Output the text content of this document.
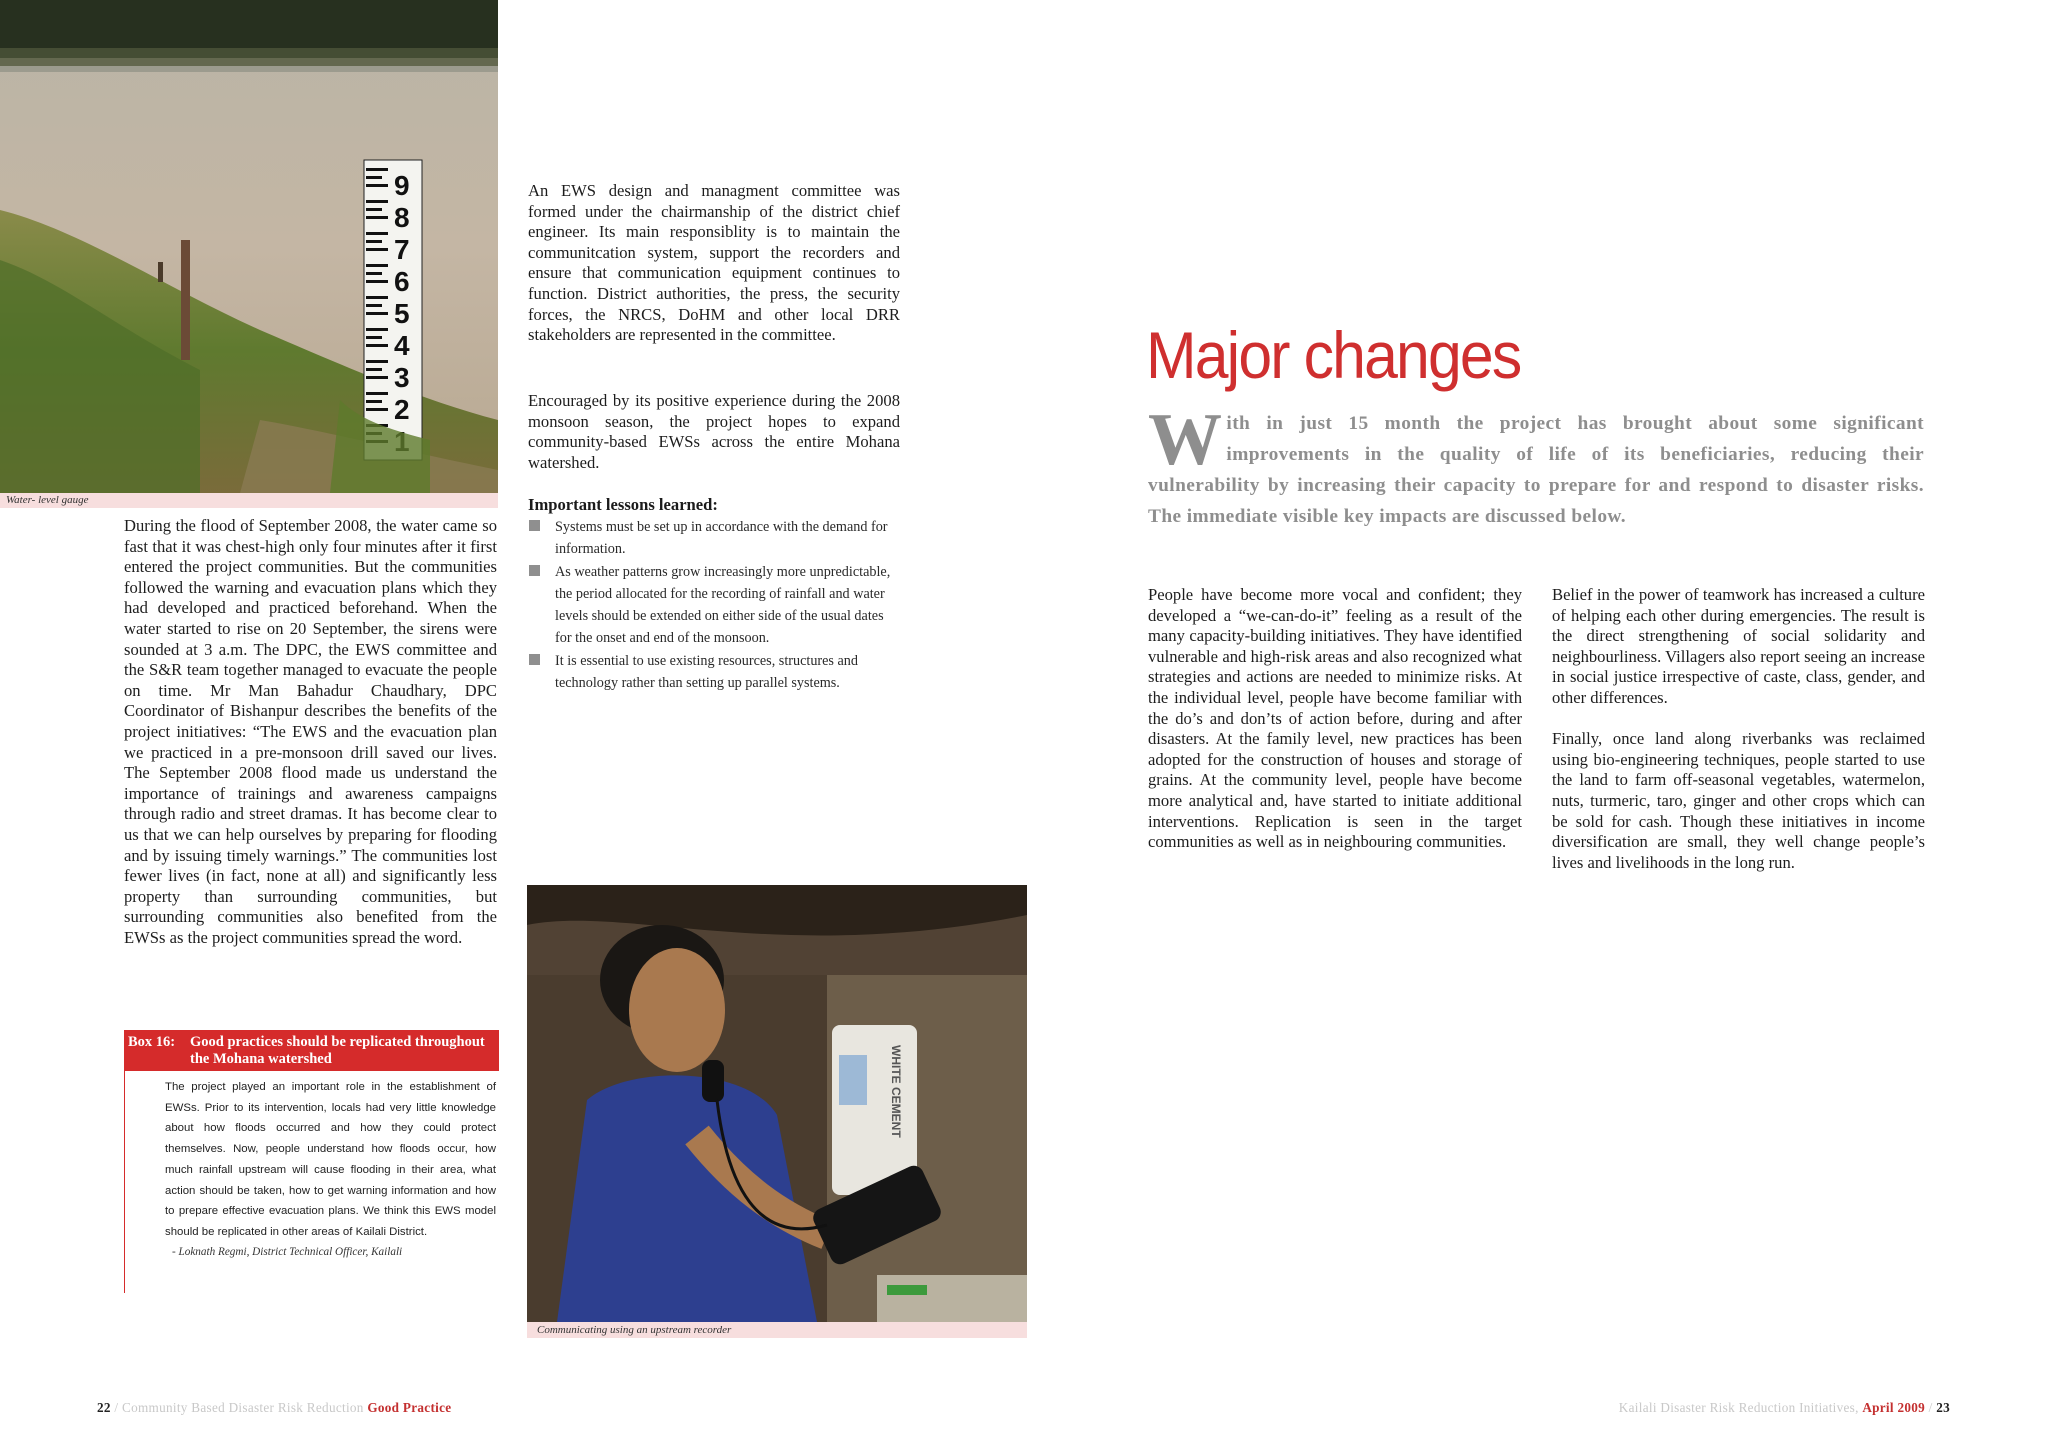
9
8
7
6
5
4
3
2
Water- level gauge
During the flood of September 2008, the water came so fast that it was chest-high only four minutes after it first entered the project communities. But the communities followed the warning and evacuation plans which they had developed and practiced beforehand. When the water started to rise on 20 September, the sirens were sounded at 3 a.m. The DPC, the EWS committee and the S&R team together managed to evacuate the people on time. Mr Man Bahadur Chaudhary, DPC Coordinator of Bishanpur describes the benefits of the project initiatives: “The EWS and the evacuation plan we practiced in a pre-monsoon drill saved our lives. The September 2008 flood made us understand the importance of trainings and awareness campaigns through radio and street dramas. It has become clear to us that we can help ourselves by preparing for flooding and by issuing timely warnings.” The communities lost fewer lives (in fact, none at all) and significantly less property than surrounding communities, but surrounding communities also benefited from the EWSs as the project communities spread the word.
An EWS design and managment committee was formed under the chairmanship of the district chief engineer. Its main responsiblity is to maintain the communitcation system, support the recorders and ensure that communication equipment continues to function. District authorities, the press, the security forces, the NRCS, DoHM and other local DRR stakeholders are represented in the committee.
Encouraged by its positive experience during the 2008 monsoon season, the project hopes to expand community-based EWSs across the entire Mohana watershed.
Important lessons learned:
Systems must be set up in accordance with the demand for information.
As weather patterns grow increasingly more unpredictable, the period allocated for the recording of rainfall and water levels should be extended on either side of the usual dates for the onset and end of the monsoon.
It is essential to use existing resources, structures and technology rather than setting up parallel systems.
Box 16: Good practices should be replicated throughout the Mohana watershed
The project played an important role in the establishment of EWSs. Prior to its intervention, locals had very little knowledge about how floods occurred and how they could protect themselves. Now, people understand how floods occur, how much rainfall upstream will cause flooding in their area, what action should be taken, how to get warning information and how to prepare effective evacuation plans. We think this EWS model should be replicated in other areas of Kailali District.
- Loknath Regmi, District Technical Officer, Kailali
WHITE CEMENT
Communicating using an upstream recorder
22 / Community Based Disaster Risk Reduction Good Practice
Major changes
With in just 15 month the project has brought about some significant improvements in the quality of life of its beneficiaries, reducing their vulnerability by increasing their capacity to prepare for and respond to disaster risks. The immediate visible key impacts are discussed below.
People have become more vocal and confident; they developed a “we-can-do-it” feeling as a result of the many capacity-building initiatives. They have identified vulnerable and high-risk areas and also recognized what strategies and actions are needed to minimize risks. At the individual level, people have become familiar with the do’s and don’ts of action before, during and after disasters. At the family level, new practices has been adopted for the construction of houses and storage of grains. At the community level, people have become more analytical and, have started to initiate additional interventions. Replication is seen in the target communities as well as in neighbouring communities.
Belief in the power of teamwork has increased a culture of helping each other during emergencies. The result is the direct strengthening of social solidarity and neighbourliness. Villagers also report seeing an increase in social justice irrespective of caste, class, gender, and other differences.
Finally, once land along riverbanks was reclaimed using bio-engineering techniques, people started to use the land to farm off-seasonal vegetables, watermelon, nuts, turmeric, taro, ginger and other crops which can be sold for cash. Though these initiatives in income diversification are small, they well change people’s lives and livelihoods in the long run.
Kailali Disaster Risk Reduction Initiatives, April 2009 / 23
